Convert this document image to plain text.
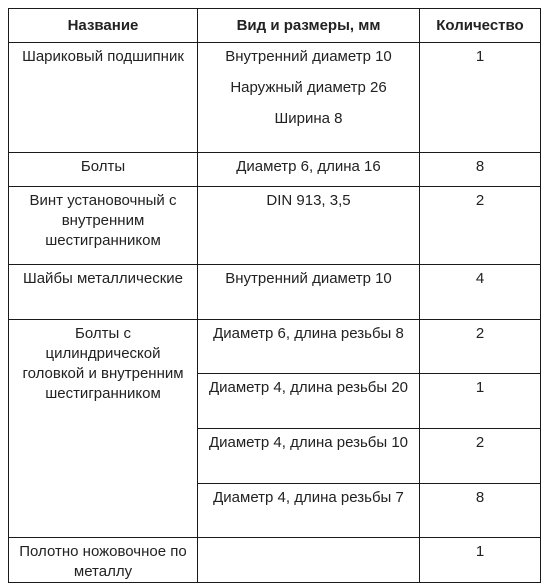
Название	Вид и размеры, мм	Количество

Шариковый подшипник	Внутренний диаметр 10
Наружный диаметр 26
Ширина 8	1

Болты	Диаметр 6, длина 16	8

Винт установочный с внутренним шестигранником	DIN 913, 3,5	2

Шайбы металлические	Внутренний диаметр 10	4

Болты с цилиндрической головкой и внутренним шестигранником	Диаметр 6, длина резьбы 8	2

	Диаметр 4, длина резьбы 20	1

	Диаметр 4, длина резьбы 10	2

	Диаметр 4, длина резьбы 7	8

Полотно ножовочное по металлу		1
